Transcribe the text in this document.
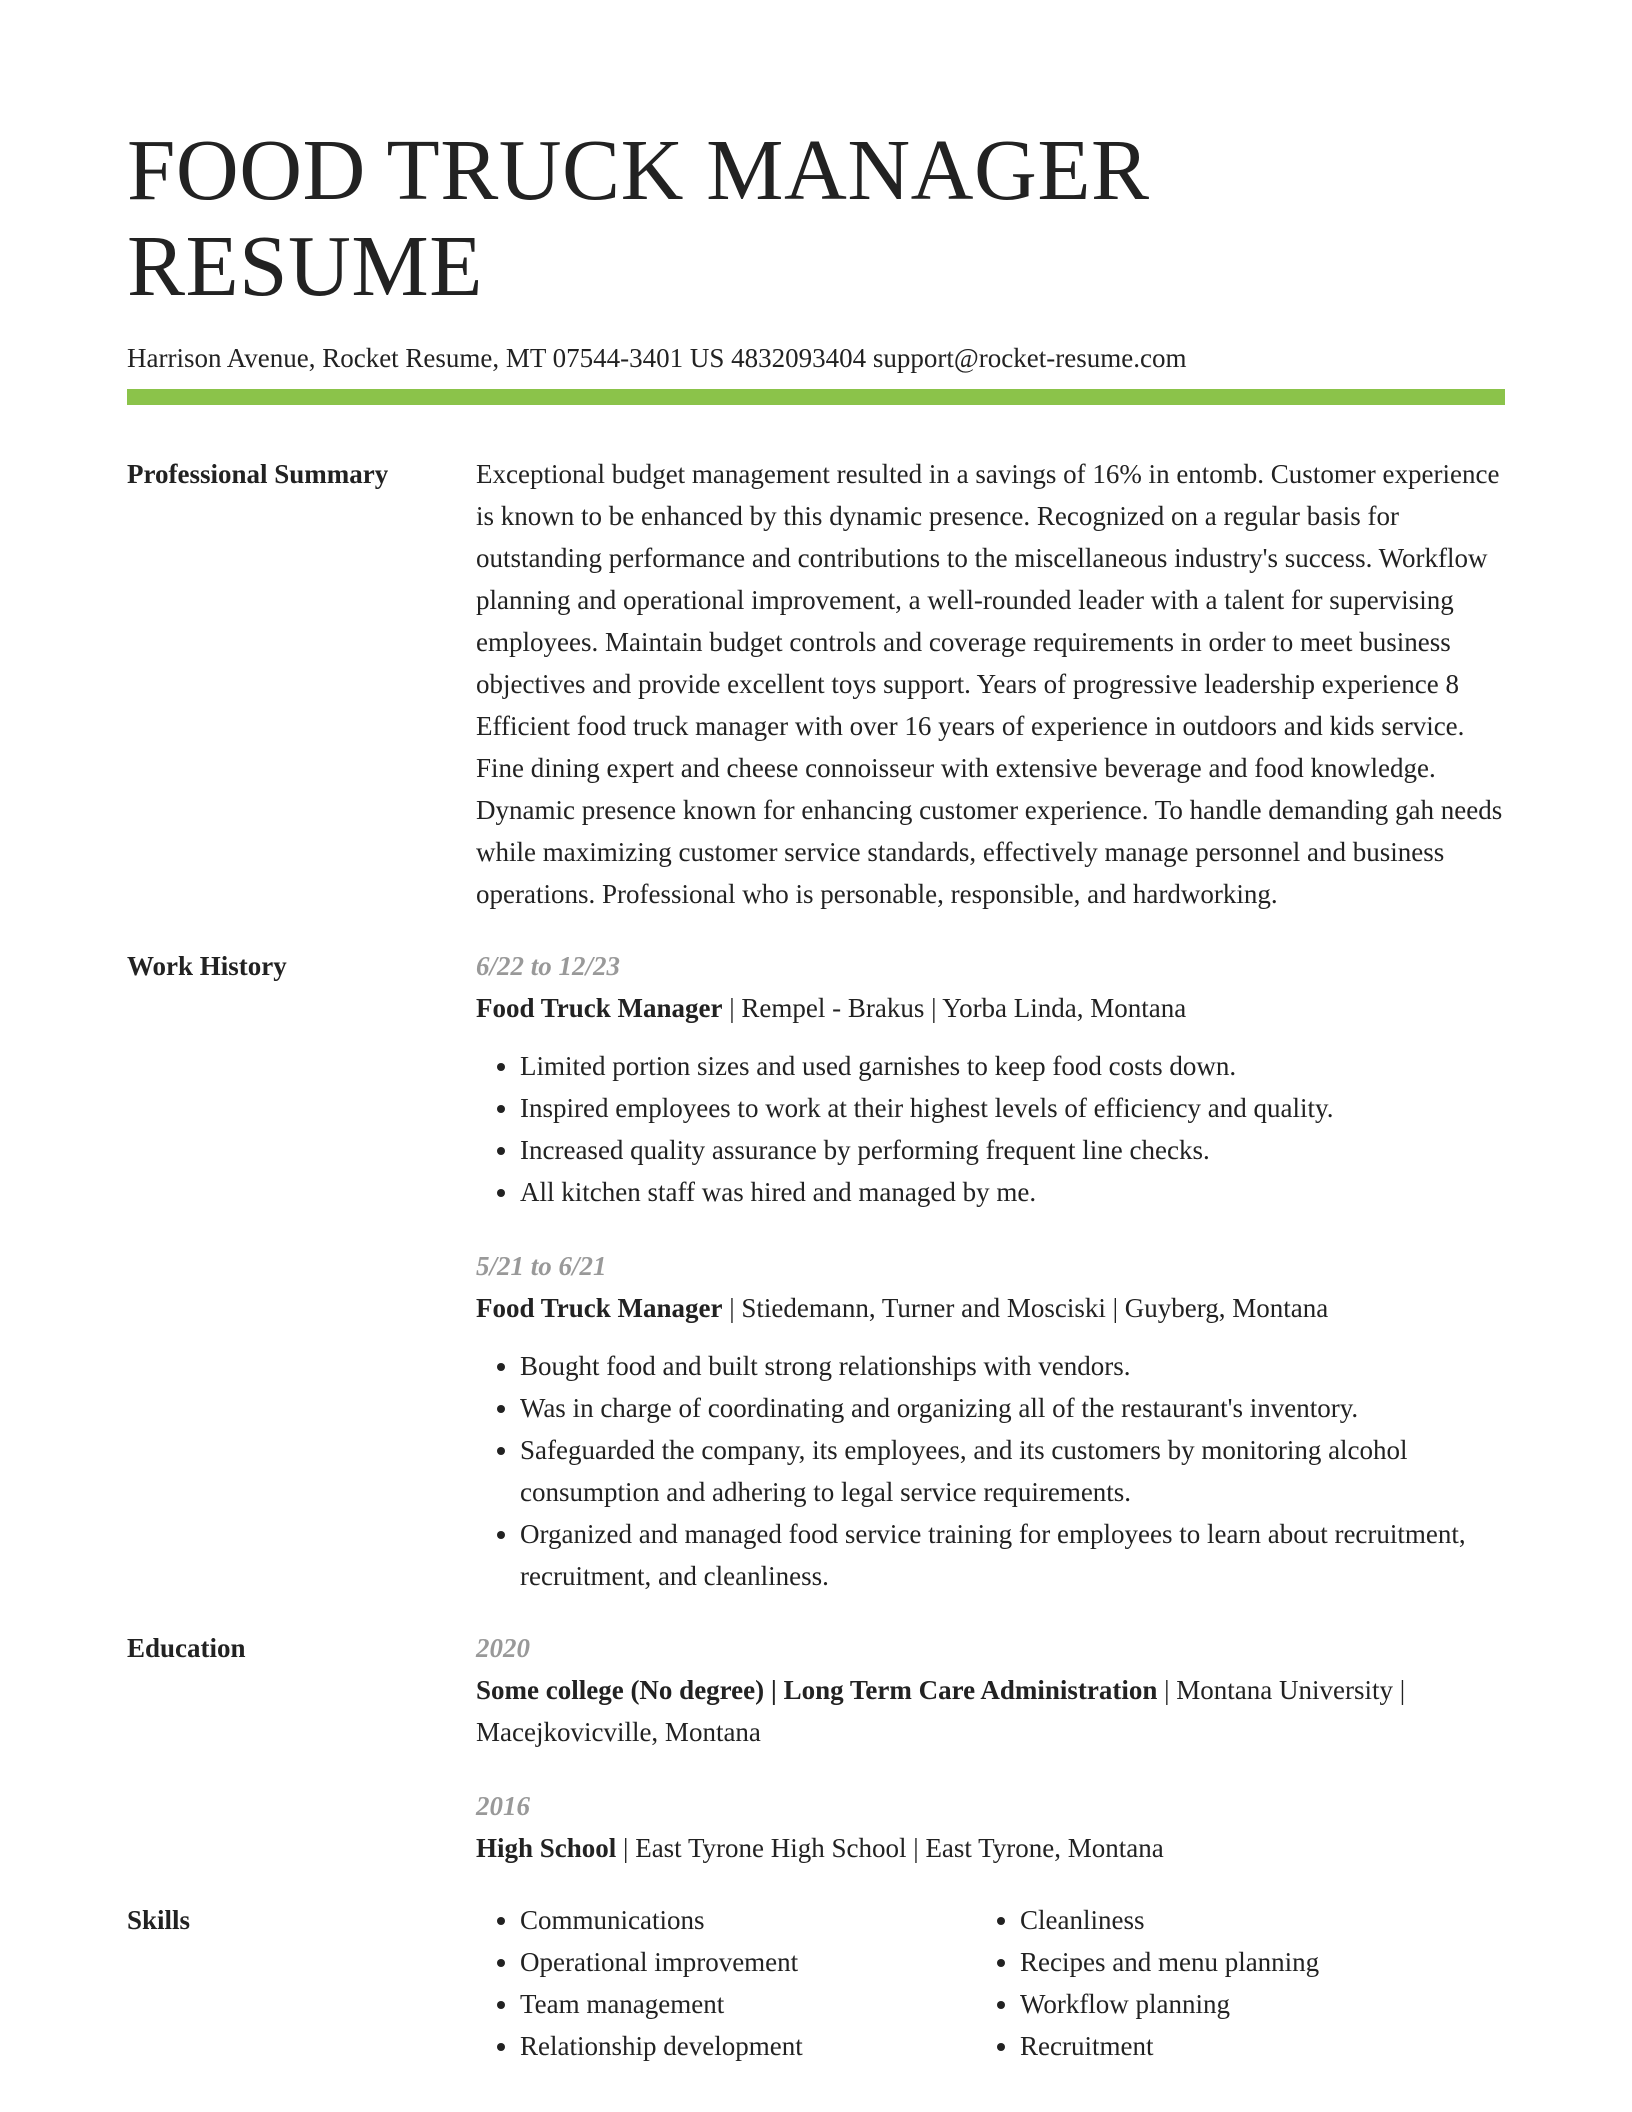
FOOD TRUCK MANAGER RESUME
Harrison Avenue, Rocket Resume, MT 07544-3401 US 4832093404 support@rocket-resume.com
Professional Summary	Exceptional budget management resulted in a savings of 16% in entomb. Customer experience is known to be enhanced by this dynamic presence. Recognized on a regular basis for outstanding performance and contributions to the miscellaneous industry's success. Workflow planning and operational improvement, a well-rounded leader with a talent for supervising employees. Maintain budget controls and coverage requirements in order to meet business objectives and provide excellent toys support. Years of progressive leadership experience 8 Efficient food truck manager with over 16 years of experience in outdoors and kids service. Fine dining expert and cheese connoisseur with extensive beverage and food knowledge. Dynamic presence known for enhancing customer experience. To handle demanding gah needs while maximizing customer service standards, effectively manage personnel and business operations. Professional who is personable, responsible, and hardworking.
Work History	6/22 to 12/23
Food Truck Manager | Rempel - Brakus | Yorba Linda, Montana
• Limited portion sizes and used garnishes to keep food costs down.
• Inspired employees to work at their highest levels of efficiency and quality.
• Increased quality assurance by performing frequent line checks.
• All kitchen staff was hired and managed by me.
5/21 to 6/21
Food Truck Manager | Stiedemann, Turner and Mosciski | Guyberg, Montana
• Bought food and built strong relationships with vendors.
• Was in charge of coordinating and organizing all of the restaurant's inventory.
• Safeguarded the company, its employees, and its customers by monitoring alcohol consumption and adhering to legal service requirements.
• Organized and managed food service training for employees to learn about recruitment, recruitment, and cleanliness.
Education	2020
Some college (No degree) | Long Term Care Administration | Montana University | Macejkovicville, Montana
2016
High School | East Tyrone High School | East Tyrone, Montana
Skills
•	Communications
• Operational improvement
• Team management
• Relationship development
• Cleanliness
• Recipes and menu planning
• Workflow planning
• Recruitment
